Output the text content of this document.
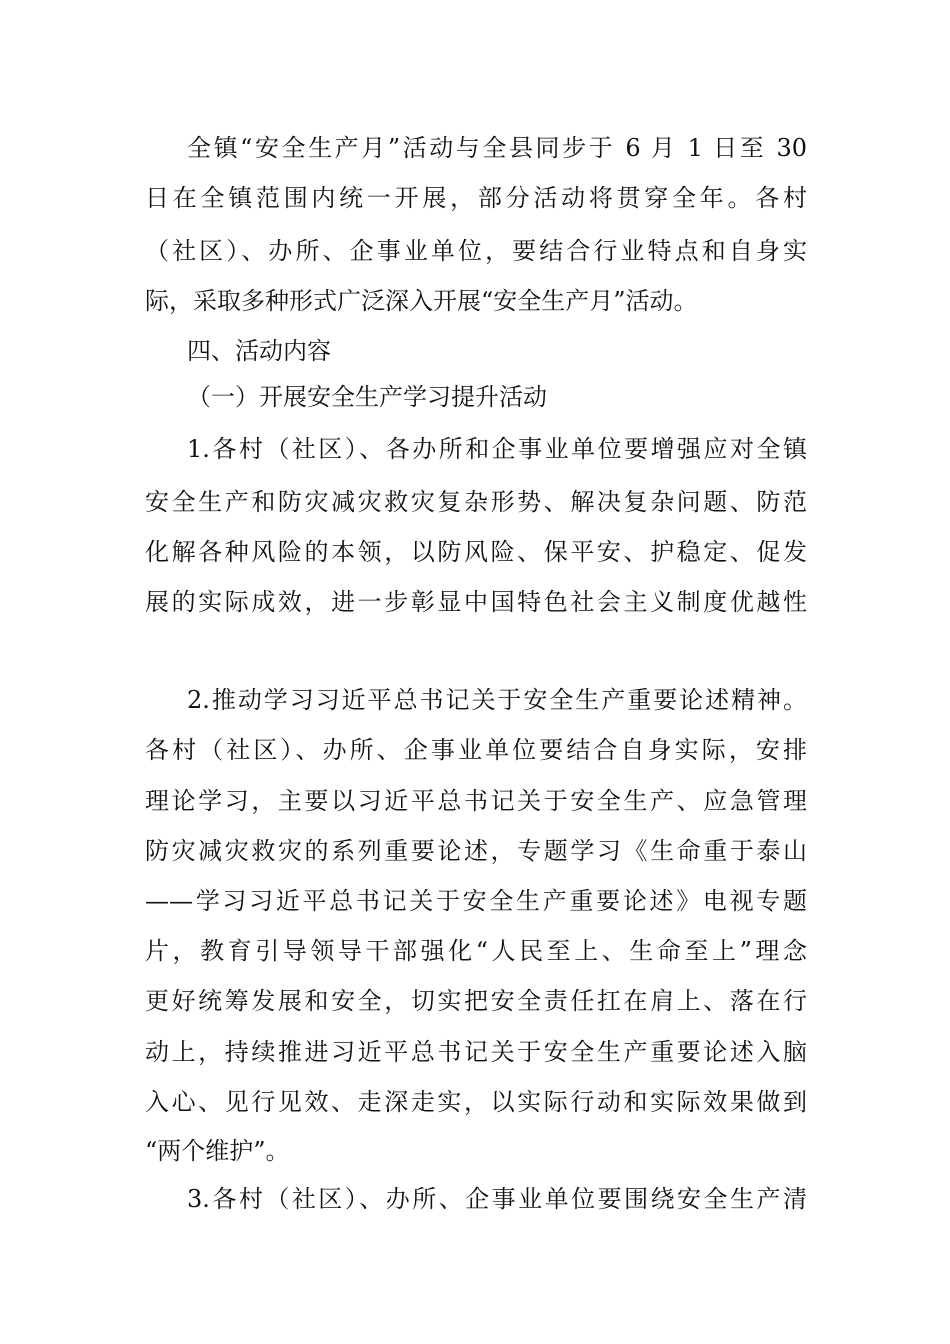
全镇“安全生产月”活动与全县同步于 6 月 1 日至 30
日在全镇范围内统一开展，部分活动将贯穿全年。各村
（社区）、办所、企事业单位，要结合行业特点和自身实
际，采取多种形式广泛深入开展“安全生产月”活动。
四、活动内容
（一）开展安全生产学习提升活动
1.各村（社区）、各办所和企事业单位要增强应对全镇
安全生产和防灾减灾救灾复杂形势、解决复杂问题、防范
化解各种风险的本领，以防风险、保平安、护稳定、促发
展的实际成效，进一步彰显中国特色社会主义制度优越性
2.推动学习习近平总书记关于安全生产重要论述精神。
各村（社区）、办所、企事业单位要结合自身实际，安排
理论学习，主要以习近平总书记关于安全生产、应急管理
防灾减灾救灾的系列重要论述，专题学习《生命重于泰山
——学习习近平总书记关于安全生产重要论述》电视专题
片，教育引导领导干部强化“人民至上、生命至上”理念
更好统筹发展和安全，切实把安全责任扛在肩上、落在行
动上，持续推进习近平总书记关于安全生产重要论述入脑
入心、见行见效、走深走实，以实际行动和实际效果做到
“两个维护”。
3.各村（社区）、办所、企事业单位要围绕安全生产清
